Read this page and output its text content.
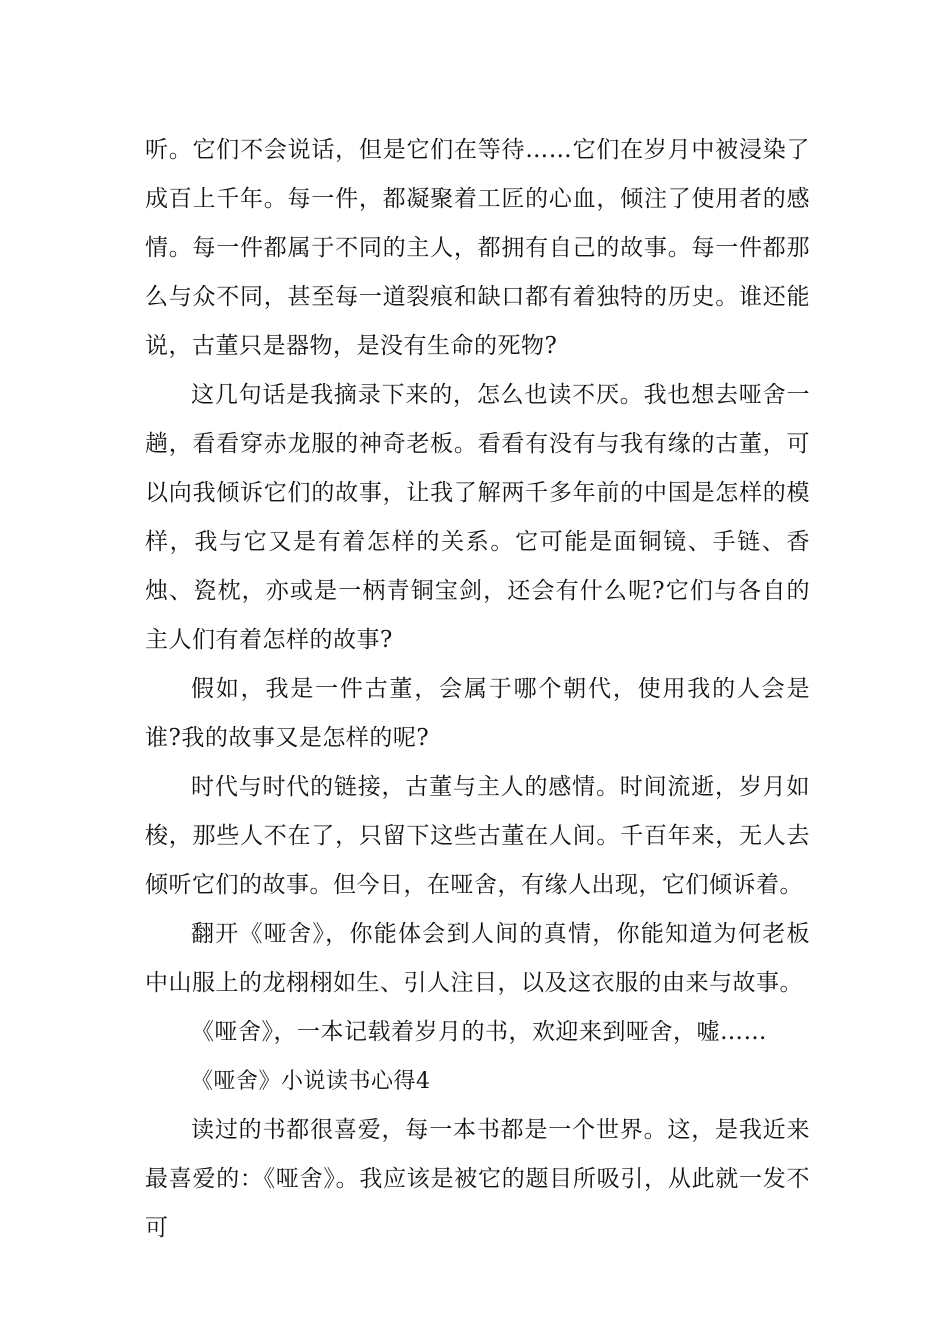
听。它们不会说话，但是它们在等待……它们在岁月中被浸染了成百上千年。每一件，都凝聚着工匠的心血，倾注了使用者的感情。每一件都属于不同的主人，都拥有自己的故事。每一件都那么与众不同，甚至每一道裂痕和缺口都有着独特的历史。谁还能说，古董只是器物，是没有生命的死物?

这几句话是我摘录下来的，怎么也读不厌。我也想去哑舍一趟，看看穿赤龙服的神奇老板。看看有没有与我有缘的古董，可以向我倾诉它们的故事，让我了解两千多年前的中国是怎样的模样，我与它又是有着怎样的关系。它可能是面铜镜、手链、香烛、瓷枕，亦或是一柄青铜宝剑，还会有什么呢?它们与各自的主人们有着怎样的故事?

假如，我是一件古董，会属于哪个朝代，使用我的人会是谁?我的故事又是怎样的呢?

时代与时代的链接，古董与主人的感情。时间流逝，岁月如梭，那些人不在了，只留下这些古董在人间。千百年来，无人去倾听它们的故事。但今日，在哑舍，有缘人出现，它们倾诉着。

翻开《哑舍》，你能体会到人间的真情，你能知道为何老板中山服上的龙栩栩如生、引人注目，以及这衣服的由来与故事。

《哑舍》，一本记载着岁月的书，欢迎来到哑舍，嘘……

《哑舍》小说读书心得4

读过的书都很喜爱，每一本书都是一个世界。这，是我近来最喜爱的：《哑舍》。我应该是被它的题目所吸引，从此就一发不可
